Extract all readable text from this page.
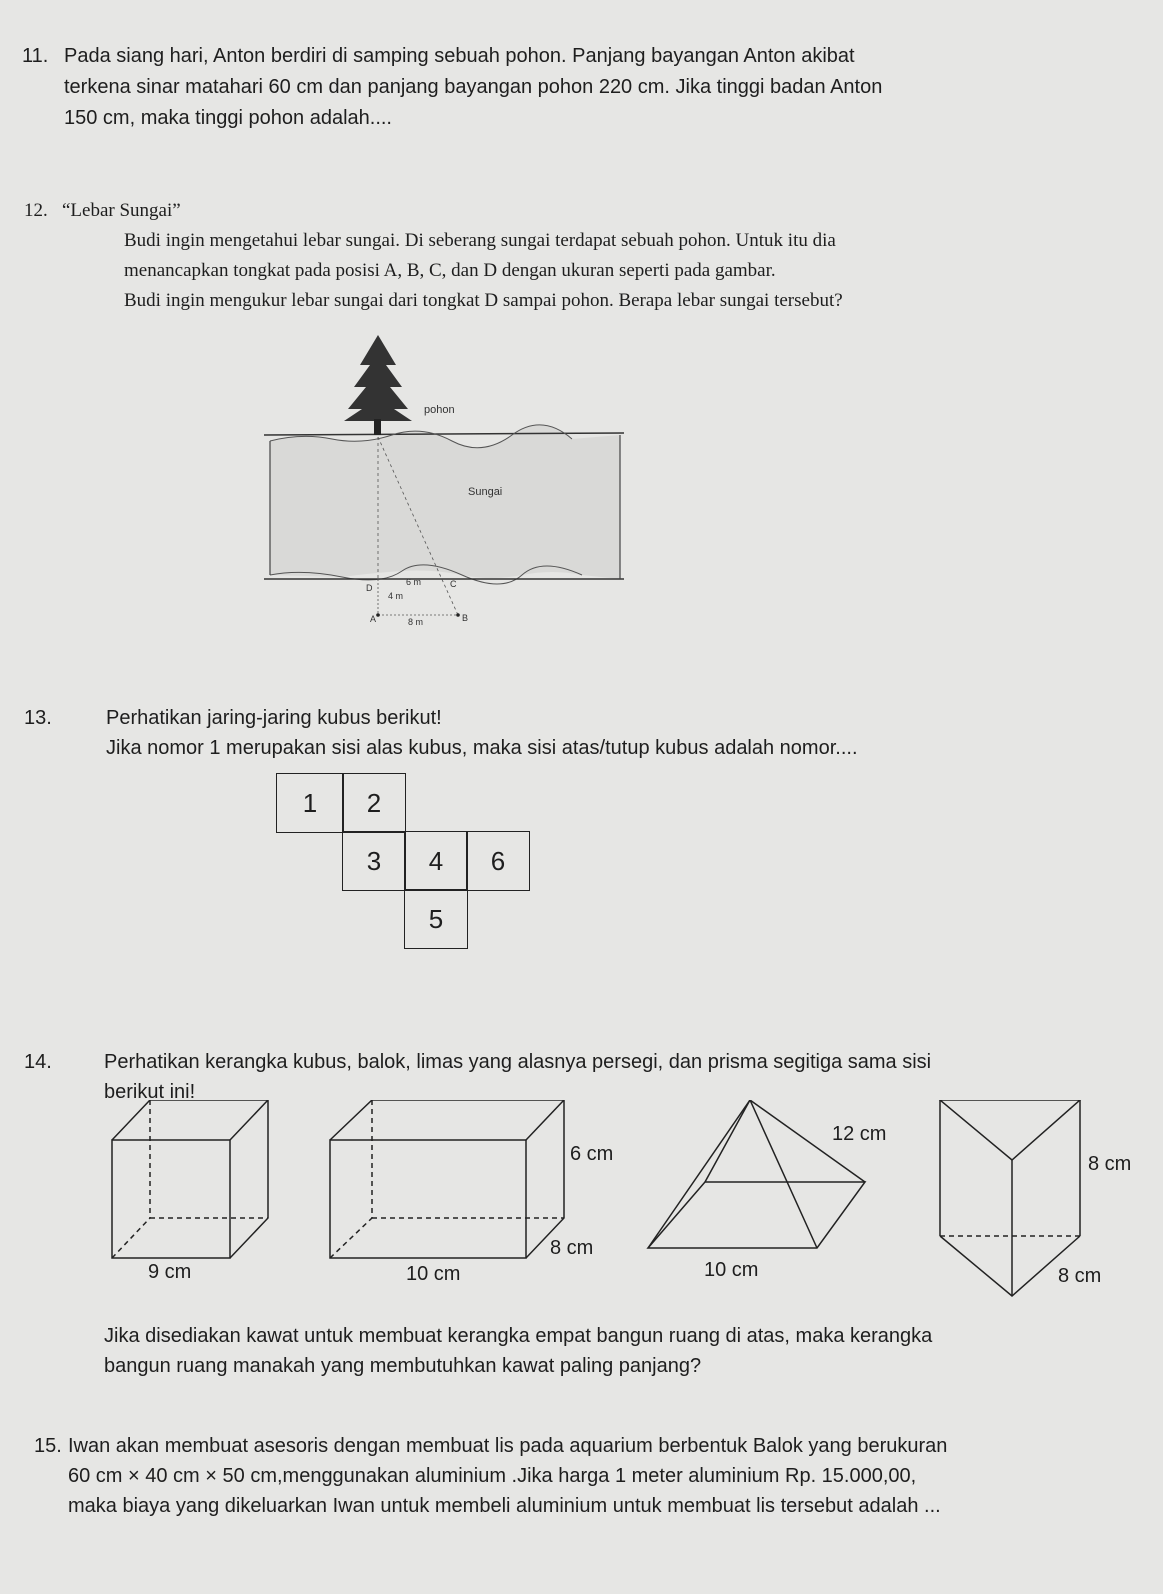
11. Pada siang hari, Anton berdiri di samping sebuah pohon. Panjang bayangan Anton akibat
terkena sinar matahari 60 cm dan panjang bayangan pohon 220 cm. Jika tinggi badan Anton
150 cm, maka tinggi pohon adalah....
12. “Lebar Sungai”
Budi ingin mengetahui lebar sungai. Di seberang sungai terdapat sebuah pohon. Untuk itu dia
menancapkan tongkat pada posisi A, B, C, dan D dengan ukuran seperti pada gambar.
Budi ingin mengukur lebar sungai dari tongkat D sampai pohon. Berapa lebar sungai tersebut?
pohon
Sungai
D
6 m	C
4 m
A	8 m	B
13.	Perhatikan jaring-jaring kubus berikut!
Jika nomor 1 merupakan sisi alas kubus, maka sisi atas/tutup kubus adalah nomor....
1	2
3	4	6
5
14.	Perhatikan kerangka kubus, balok, limas yang alasnya persegi, dan prisma segitiga sama sisi
berikut ini!
9 cm
6 cm
8 cm
10 cm
12 cm
10 cm
8 cm
8 cm
Jika disediakan kawat untuk membuat kerangka empat bangun ruang di atas, maka kerangka
bangun ruang manakah yang membutuhkan kawat paling panjang?
15. Iwan akan membuat asesoris dengan membuat lis pada aquarium berbentuk Balok yang berukuran
60 cm × 40 cm × 50 cm,menggunakan aluminium .Jika harga 1 meter aluminium Rp. 15.000,00,
maka biaya yang dikeluarkan Iwan untuk membeli aluminium untuk membuat lis tersebut adalah ...
